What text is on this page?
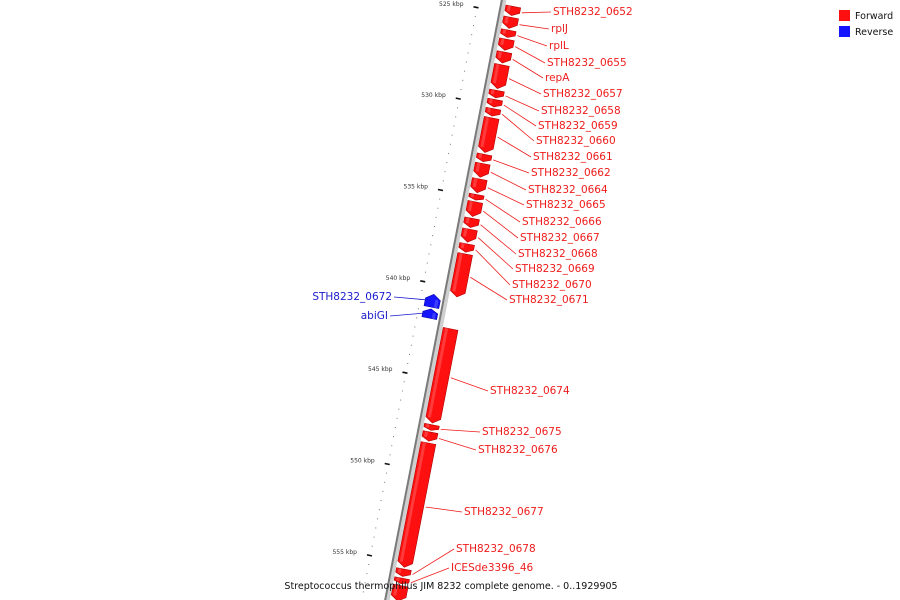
525 kbp
530 kbp
535 kbp
540 kbp
545 kbp
550 kbp
555 kbp
STH8232_0652
rplJ
rplL
STH8232_0655
repA
STH8232_0657
STH8232_0658
STH8232_0659
STH8232_0660
STH8232_0661
STH8232_0662
STH8232_0664
STH8232_0665
STH8232_0666
STH8232_0667
STH8232_0668
STH8232_0669
STH8232_0670
STH8232_0671
STH8232_0672
abiGI
STH8232_0674
STH8232_0675
STH8232_0676
STH8232_0677
STH8232_0678
ICESde3396_46
Forward
Reverse
Streptococcus thermophilus JIM 8232 complete genome. - 0..1929905
